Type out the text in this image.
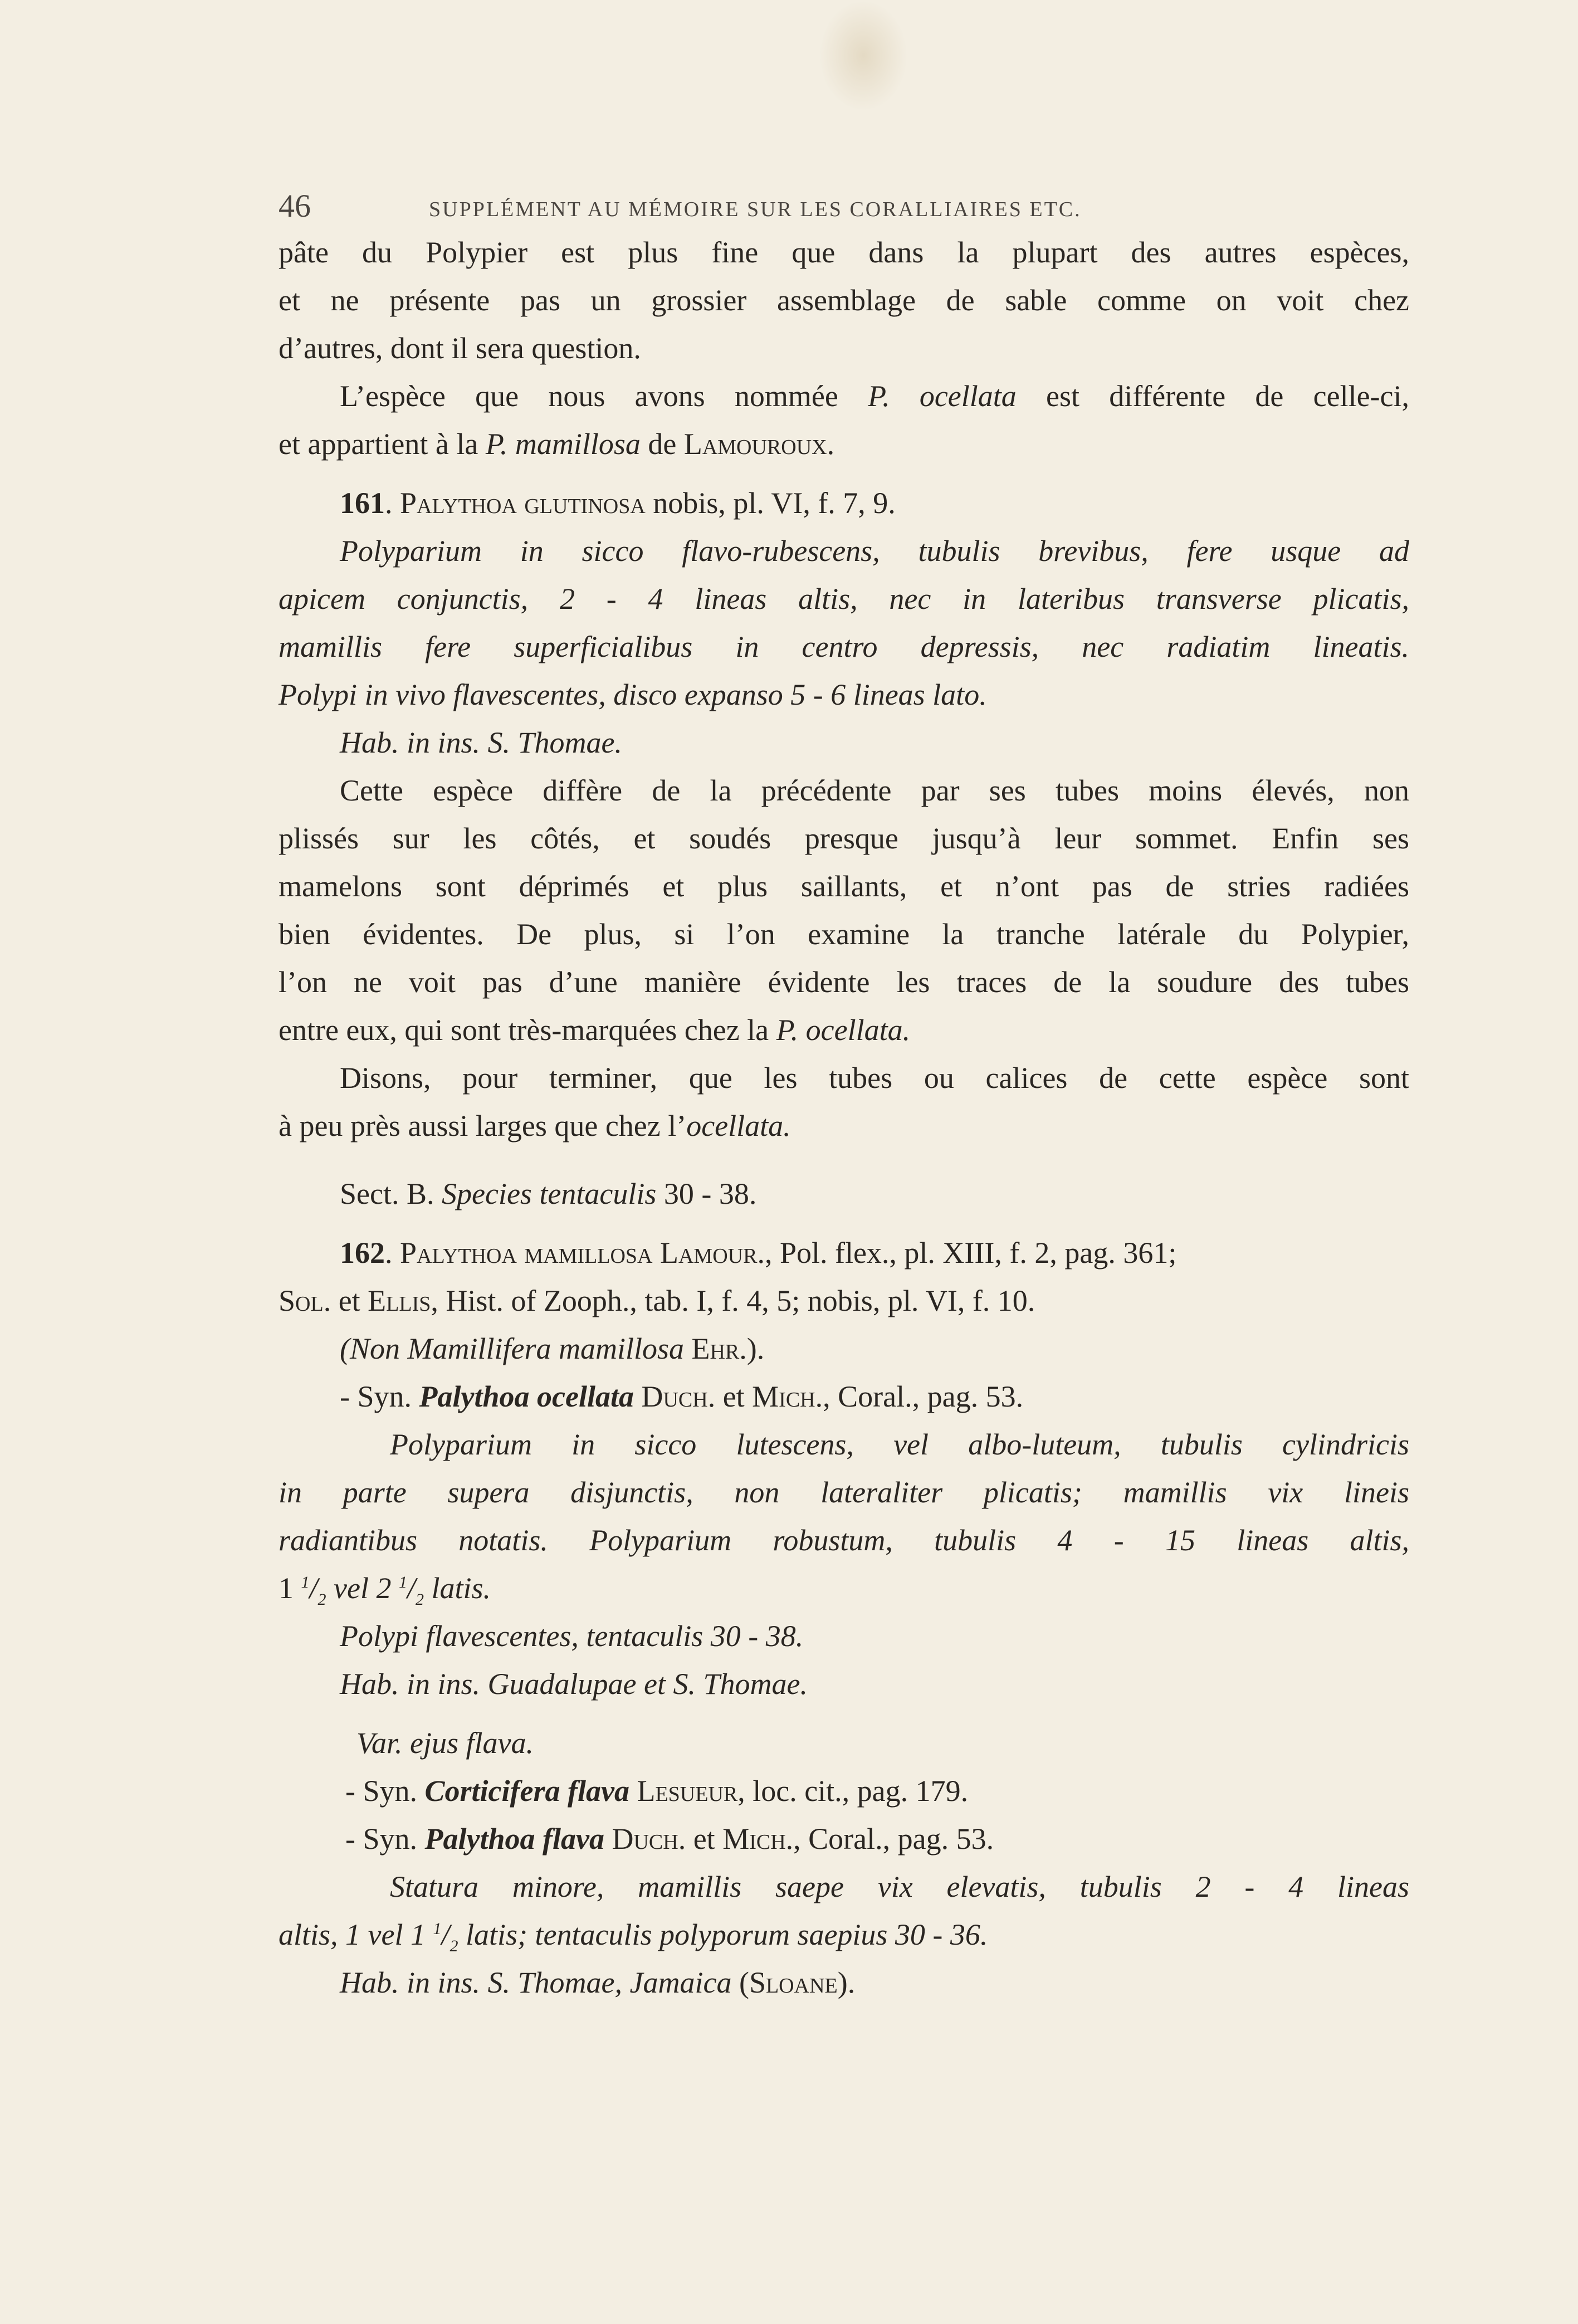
46	SUPPLÉMENT AU MÉMOIRE SUR LES CORALLIAIRES ETC.
pâte du Polypier est plus fine que dans la plupart des autres espèces,
et ne présente pas un grossier assemblage de sable comme on voit chez
d’autres, dont il sera question.
L’espèce que nous avons nommée P. ocellata est différente de celle-ci,
et appartient à la P. mamillosa de Lamouroux.
161. Palythoa glutinosa nobis, pl. VI, f. 7, 9.
Polyparium in sicco flavo-rubescens, tubulis brevibus, fere usque ad
apicem conjunctis, 2 - 4 lineas altis, nec in lateribus transverse plicatis,
mamillis fere superficialibus in centro depressis, nec radiatim lineatis.
Polypi in vivo flavescentes, disco expanso 5 - 6 lineas lato.
Hab. in ins. S. Thomae.
Cette espèce diffère de la précédente par ses tubes moins élevés, non
plissés sur les côtés, et soudés presque jusqu’à leur sommet. Enfin ses
mamelons sont déprimés et plus saillants, et n’ont pas de stries radiées
bien évidentes. De plus, si l’on examine la tranche latérale du Polypier,
l’on ne voit pas d’une manière évidente les traces de la soudure des tubes
entre eux, qui sont très-marquées chez la P. ocellata.
Disons, pour terminer, que les tubes ou calices de cette espèce sont
à peu près aussi larges que chez l’ocellata.
Sect. B. Species tentaculis 30 - 38.
162. Palythoa mamillosa Lamour., Pol. flex., pl. XIII, f. 2, pag. 361;
Sol. et Ellis, Hist. of Zooph., tab. I, f. 4, 5; nobis, pl. VI, f. 10.
(Non Mamillifera mamillosa Ehr.).
- Syn. Palythoa ocellata Duch. et Mich., Coral., pag. 53.
Polyparium in sicco lutescens, vel albo-luteum, tubulis cylindricis
in parte supera disjunctis, non lateraliter plicatis; mamillis vix lineis
radiantibus notatis. Polyparium robustum, tubulis 4 - 15 lineas altis,
1 $^1/_2$ vel 2 $^1/_2$ latis.
Polypi flavescentes, tentaculis 30 - 38.
Hab. in ins. Guadalupae et S. Thomae.
Var. ejus flava.
- Syn. Corticifera flava Lesueur, loc. cit., pag. 179.
- Syn. Palythoa flava Duch. et Mich., Coral., pag. 53.
Statura minore, mamillis saepe vix elevatis, tubulis 2 - 4 lineas
altis, 1 vel 1 $^1/_2$ latis; tentaculis polyporum saepius 30 - 36.
Hab. in ins. S. Thomae, Jamaica (Sloane).
